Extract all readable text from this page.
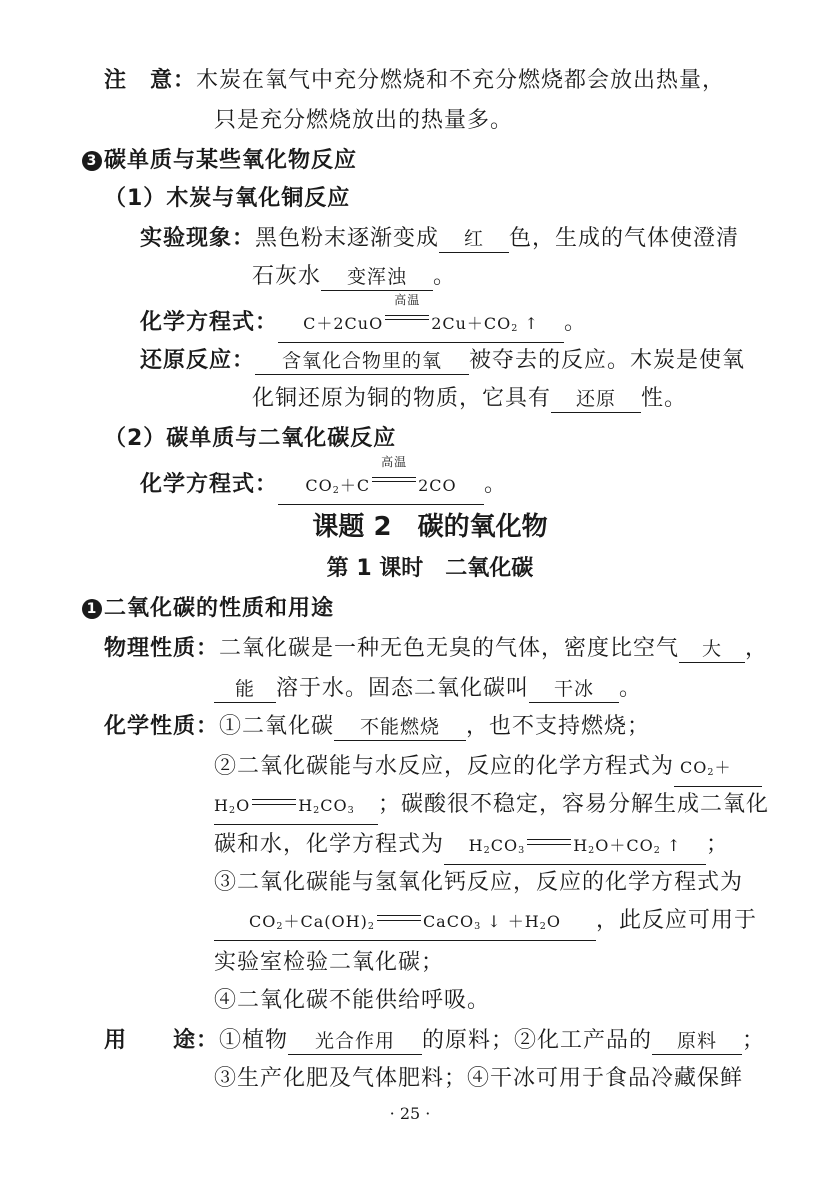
注　意：木炭在氧气中充分燃烧和不充分燃烧都会放出热量，
只是充分燃烧放出的热量多。
3 碳单质与某些氧化物反应
（1）木炭与氧化铜反应
实验现象：黑色粉末逐渐变成 红 色，生成的气体使澄清
石灰水 变浑浊 。
化学方程式： C＋2CuO
高温
$2Cu+CO_2$ ↑ 。
还原反应： 含氧化合物里的氧 被夺去的反应。木炭是使氧
化铜还原为铜的物质，它具有 还原 性。
（2）碳单质与二氧化碳反应
化学方程式： $CO_2+C$
高温
2CO 。
课题 2　碳的氧化物
第 1 课时　二氧化碳
1 二氧化碳的性质和用途
物理性质：二氧化碳是一种无色无臭的气体，密度比空气 大 ，
能 溶于水。固态二氧化碳叫 干冰 。
化学性质：①二氧化碳 不能燃烧 ，也不支持燃烧；
②二氧化碳能与水反应，反应的化学方程式为 $CO_2+$
$H_2O$	$H_2CO_3$ ；碳酸很不稳定，容易分解生成二氧化
碳和水，化学方程式为 $H_2CO_3$	$H_2O+CO_2$ ↑ ；
③二氧化碳能与氢氧化钙反应，反应的化学方程式为
$CO_2+Ca(OH)_2$	CaCO$_3$ ↓ $+H_2O$ ，此反应可用于
实验室检验二氧化碳；
④二氧化碳不能供给呼吸。
用　　途：①植物 光合作用 的原料；②化工产品的 原料 ；
③生产化肥及气体肥料；④干冰可用于食品冷藏保鲜
· 25 ·
